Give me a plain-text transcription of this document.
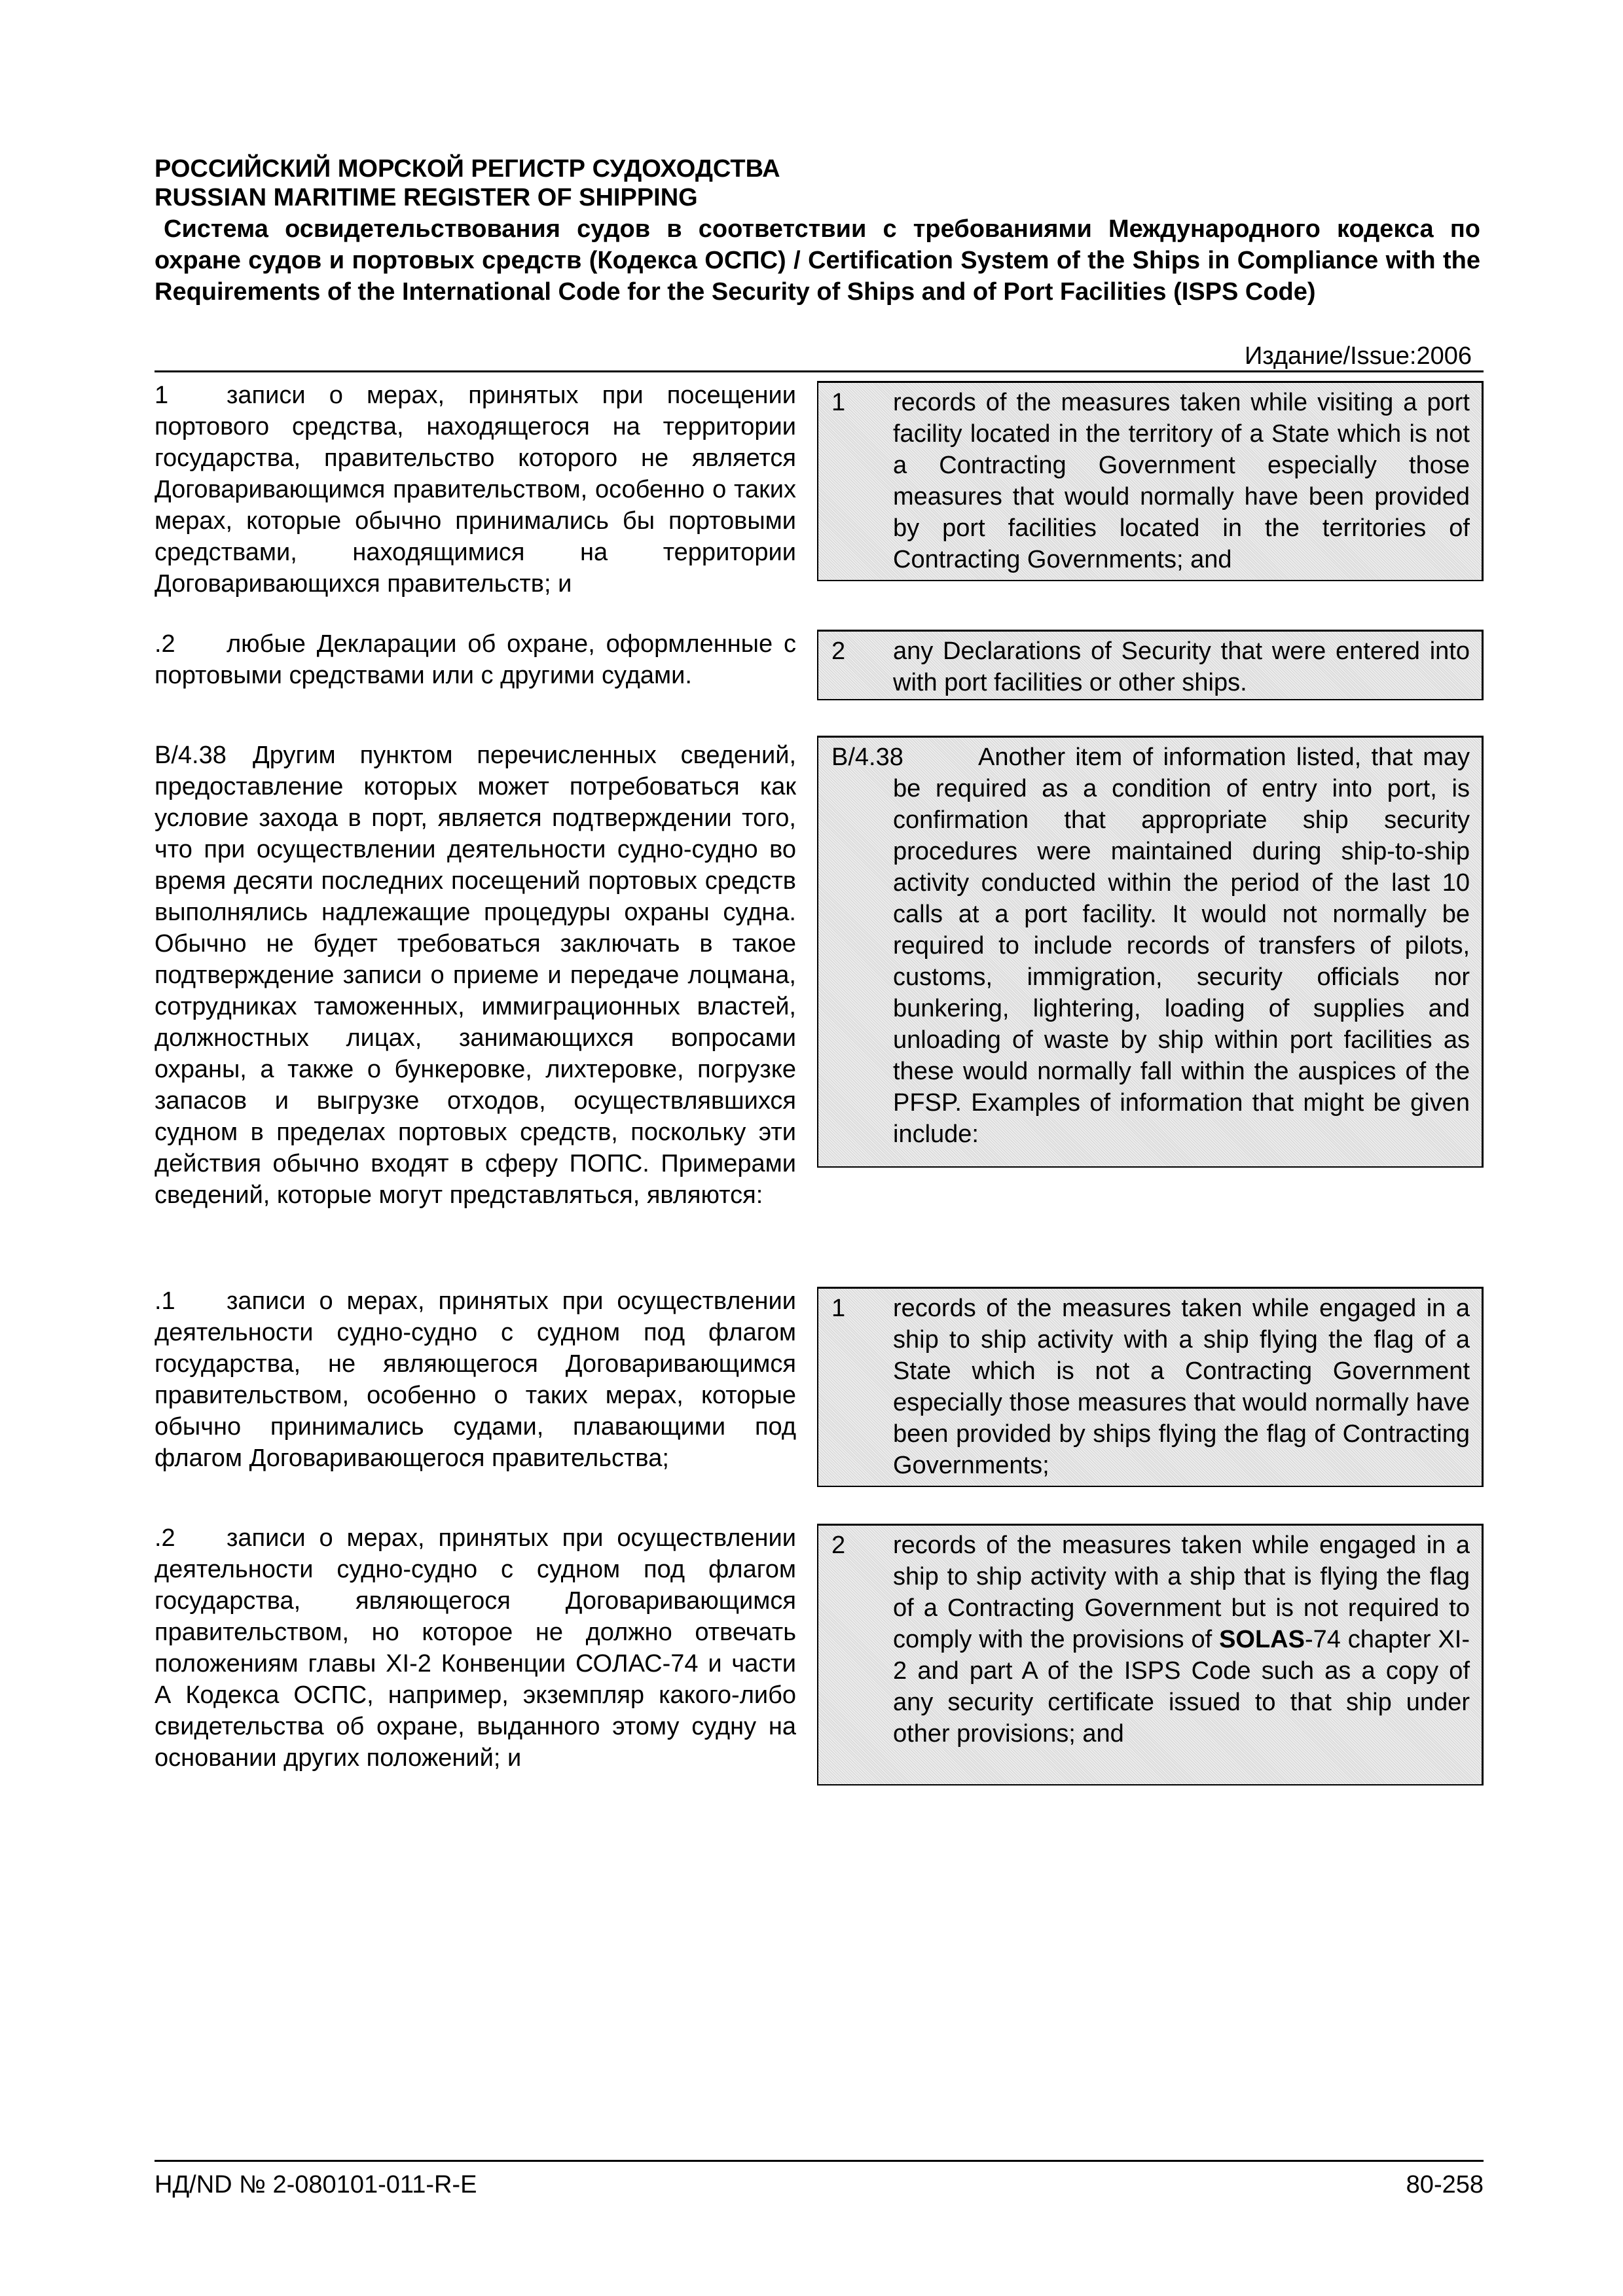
РОССИЙСКИЙ МОРСКОЙ РЕГИСТР СУДОХОДСТВА
RUSSIAN MARITIME REGISTER OF SHIPPING
Система освидетельствования судов в соответствии с требованиями Международного кодекса по охране судов и портовых средств (Кодекса ОСПС) / Certification System of the Ships in Compliance with the Requirements of the International Code for the Security of Ships and of Port Facilities (ISPS Code)
Издание/Issue:2006
1 записи о мерах, принятых при посещении портового средства, находящегося на территории государства, правительство которого не является Договаривающимся правительством, особенно о таких мерах, которые обычно принимались бы портовыми средствами, находящимися на территории Договаривающихся правительств; и
1 records of the measures taken while visiting a port facility located in the territory of a State which is not a Contracting Government especially those measures that would normally have been provided by port facilities located in the territories of Contracting Governments; and
.2 любые Декларации об охране, оформленные с портовыми средствами или с другими судами.
2 any Declarations of Security that were entered into with port facilities or other ships.
B/4.38 Другим пунктом перечисленных сведений, предоставление которых может потребоваться как условие захода в порт, является подтверждении того, что при осуществлении деятельности судно-судно во время десяти последних посещений портовых средств выполнялись надлежащие процедуры охраны судна. Обычно не будет требоваться заключать в такое подтверждение записи о приеме и передаче лоцмана, сотрудниках таможенных, иммиграционных властей, должностных лицах, занимающихся вопросами охраны, а также о бункеровке, лихтеровке, погрузке запасов и выгрузке отходов, осуществлявшихся судном в пределах портовых средств, поскольку эти действия обычно входят в сферу ПОПС. Примерами сведений, которые могут представляться, являются:
B/4.38	Another item of information listed, that may be required as a condition of entry into port, is confirmation that appropriate ship security procedures were maintained during ship-to-ship activity conducted within the period of the last 10 calls at a port facility. It would not normally be required to include records of transfers of pilots, customs, immigration, security officials nor bunkering, lightering, loading of supplies and unloading of waste by ship within port facilities as these would normally fall within the auspices of the PFSP. Examples of information that might be given include:
.1 записи о мерах, принятых при осуществлении деятельности судно-судно с судном под флагом государства, не являющегося Договаривающимся правительством, особенно о таких мерах, которые обычно принимались судами, плавающими под флагом Договаривающегося правительства;
1 records of the measures taken while engaged in a ship to ship activity with a ship flying the flag of a State which is not a Contracting Government especially those measures that would normally have been provided by ships flying the flag of Contracting Governments;
.2 записи о мерах, принятых при осуществлении деятельности судно-судно с судном под флагом государства, являющегося Договаривающимся правительством, но которое не должно отвечать положениям главы XI-2 Конвенции СОЛАС-74 и части А Кодекса ОСПС, например, экземпляр какого-либо свидетельства об охране, выданного этому судну на основании других положений; и
2 records of the measures taken while engaged in a ship to ship activity with a ship that is flying the flag of a Contracting Government but is not required to comply with the provisions of SOLAS-74 chapter XI-2 and part A of the ISPS Code such as a copy of any security certificate issued to that ship under other provisions; and
НД/ND № 2-080101-011-R-E	80-258
